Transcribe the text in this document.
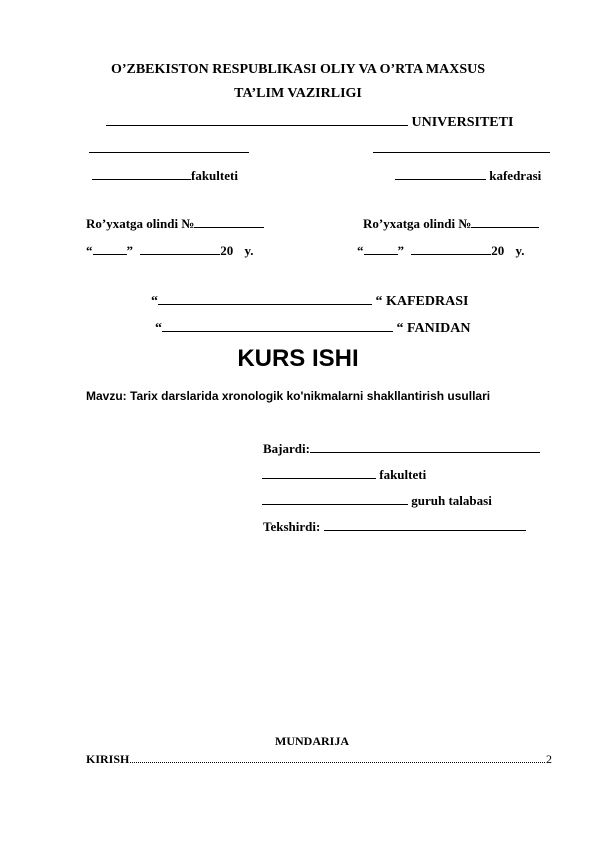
O’ZBEKISTON RESPUBLIKASI OLIY VA O’RTA MAXSUS
TA’LIM VAZIRLIGI
UNIVERSITETI
fakulteti	kafedrasi
Ro’yxatga olindi №	Ro’yxatga olindi №
“	”	20 y.	“	”	20 y.
“	“ KAFEDRASI
“	“ FANIDAN
KURS ISHI
Mavzu: Tarix darslarida xronologik ko'nikmalarni shakllantirish usullari
Bajardi:
fakulteti
guruh talabasi
Tekshirdi:
MUNDARIJA
KIRISH	2
